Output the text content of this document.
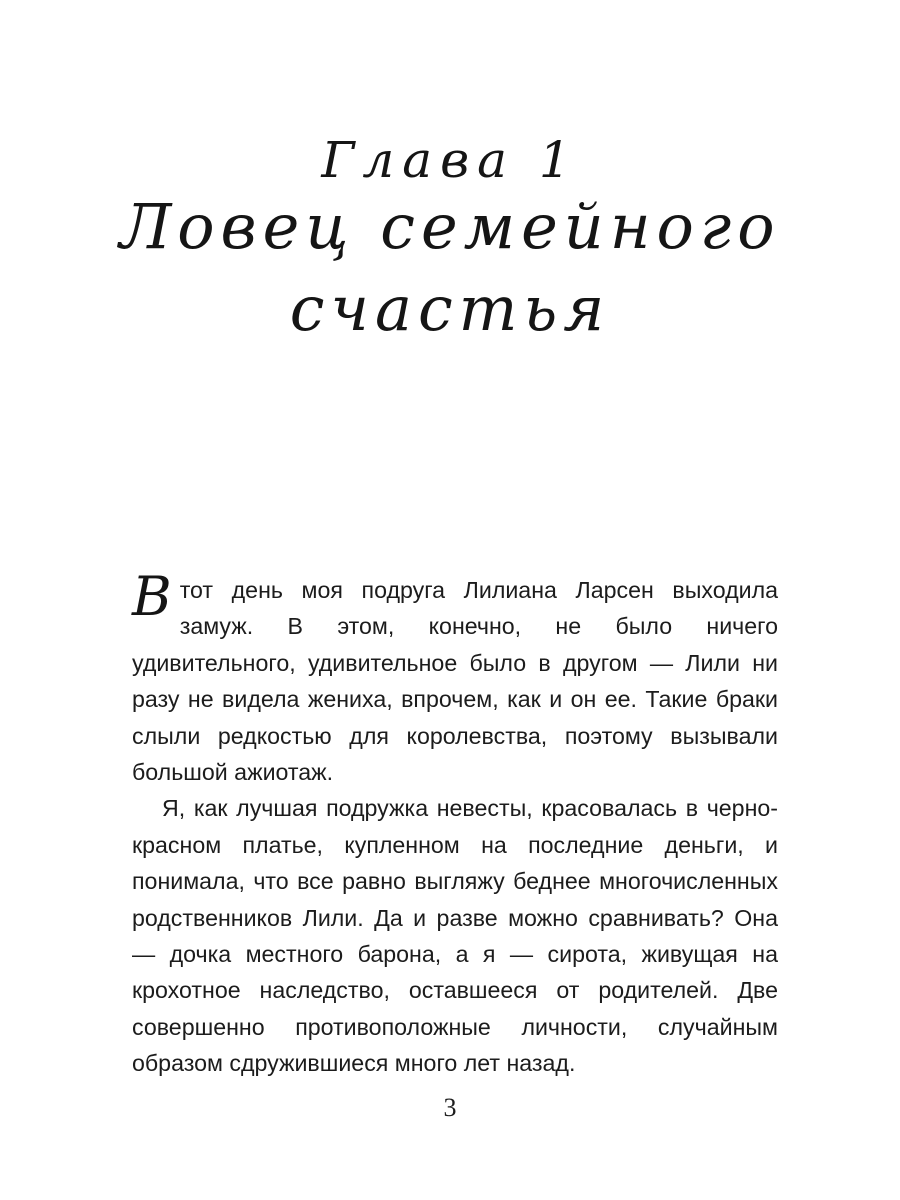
Глава 1
Ловец семейного счастья

Втот день моя подруга Лилиана Ларсен выходила замуж. В этом, конечно, не было ничего удивительного, удивительное было в другом — Лили ни разу не видела жениха, впрочем, как и он ее. Такие браки слыли редкостью для королевства, поэтому вызывали большой ажиотаж.

Я, как лучшая подружка невесты, красовалась в черно-красном платье, купленном на последние деньги, и понимала, что все равно выгляжу беднее многочисленных родственников Лили. Да и разве можно сравнивать? Она — дочка местного барона, а я — сирота, живущая на крохотное наследство, оставшееся от родителей. Две совершенно противоположные личности, случайным образом сдружившиеся много лет назад.

3
